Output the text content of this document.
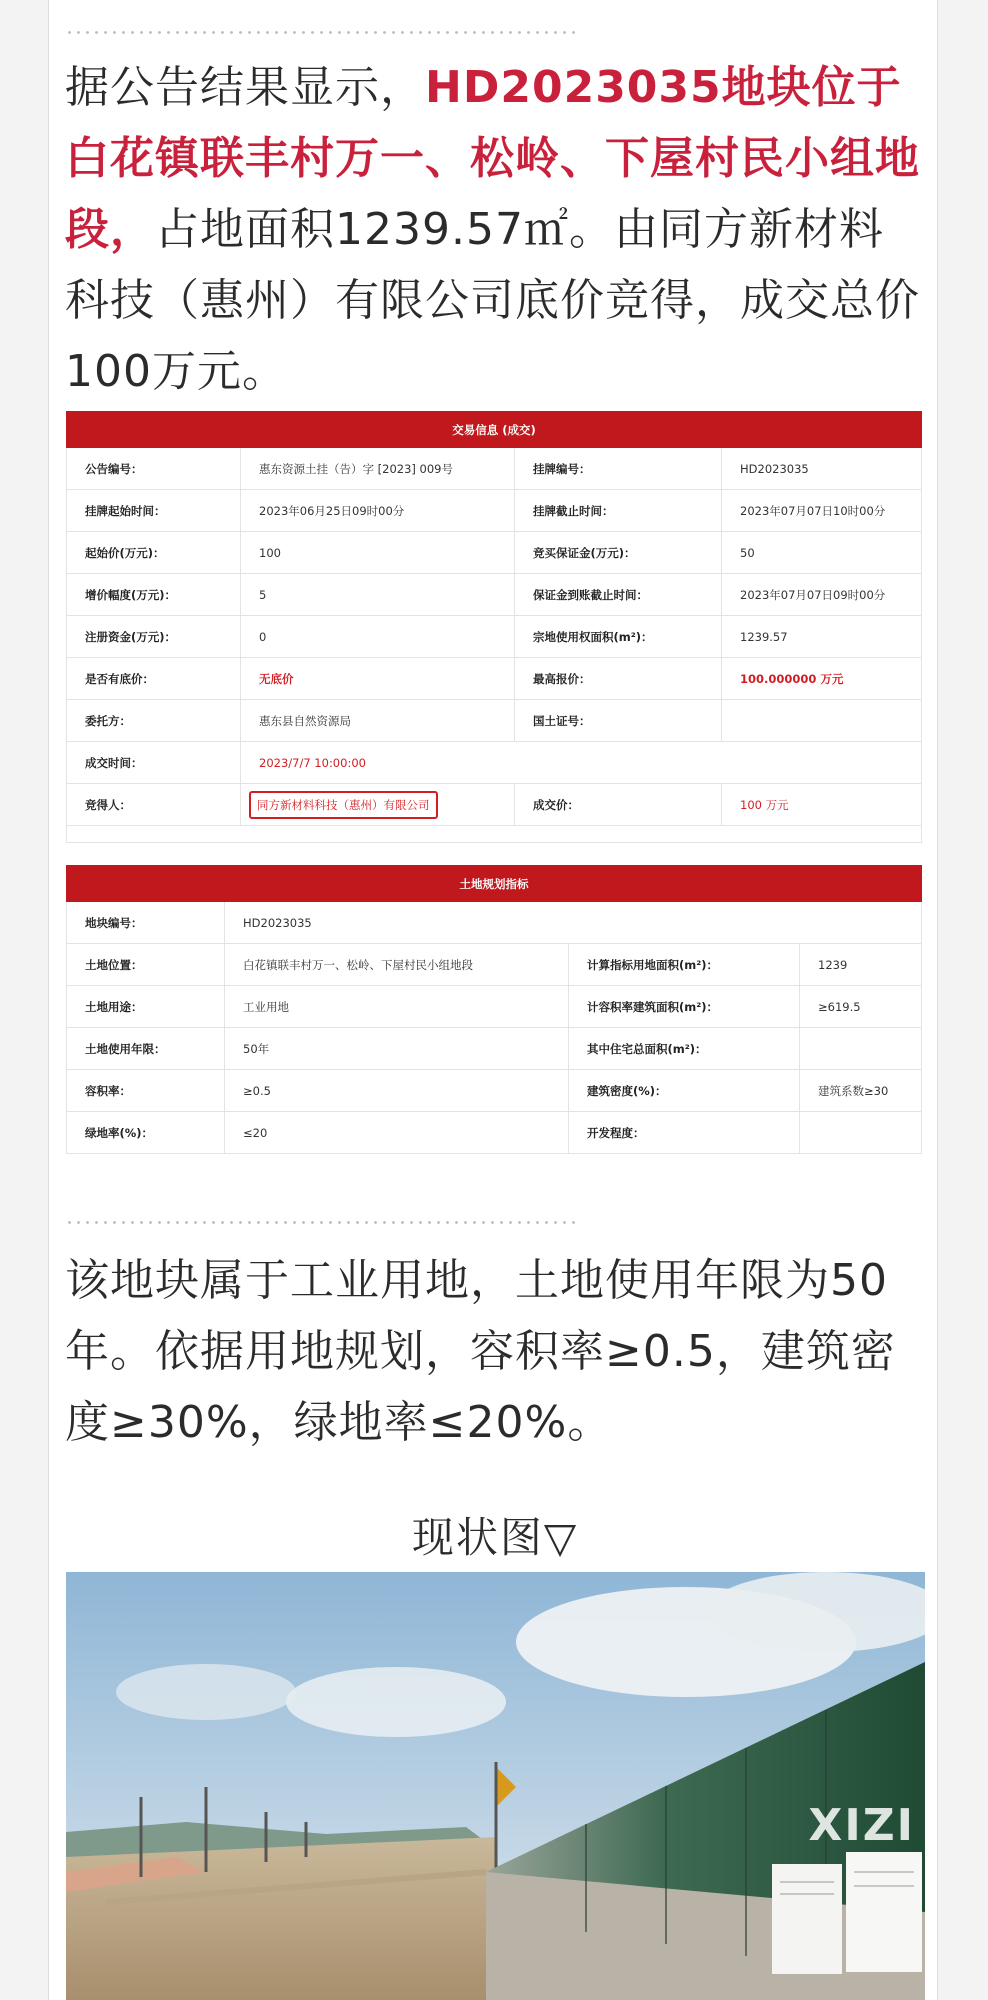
据公告结果显示，HD2023035地块位于白花镇联丰村万一、松岭、下屋村民小组地段，占地面积1239.57㎡。由同方新材料科技（惠州）有限公司底价竞得，成交总价100万元。

交易信息 (成交)			
公告编号：	惠东资源土挂（告）字 [2023] 009号	挂牌编号：	HD2023035
挂牌起始时间：	2023年06月25日09时00分	挂牌截止时间：	2023年07月07日10时00分
起始价(万元)：	100	竞买保证金(万元)：	50
增价幅度(万元)：	5	保证金到账截止时间：	2023年07月07日09时00分
注册资金(万元)：	0	宗地使用权面积(m²)：	1239.57
是否有底价：	无底价	最高报价：	100.000000 万元
委托方：	惠东县自然资源局	国土证号：	
成交时间：	2023/7/7 10:00:00		
竞得人：	同方新材料科技（惠州）有限公司	成交价：	100 万元

土地规划指标			
地块编号：	HD2023035		
土地位置：	白花镇联丰村万一、松岭、下屋村民小组地段	计算指标用地面积(m²)：	1239
土地用途：	工业用地	计容积率建筑面积(m²)：	≥619.5
土地使用年限：	50年	其中住宅总面积(m²)：	
容积率：	≥0.5	建筑密度(%)：	建筑系数≥30
绿地率(%)：	≤20	开发程度：	

该地块属于工业用地，土地使用年限为50年。依据用地规划，容积率≥0.5，建筑密度≥30%，绿地率≤20%。

现状图▽
XIZI
